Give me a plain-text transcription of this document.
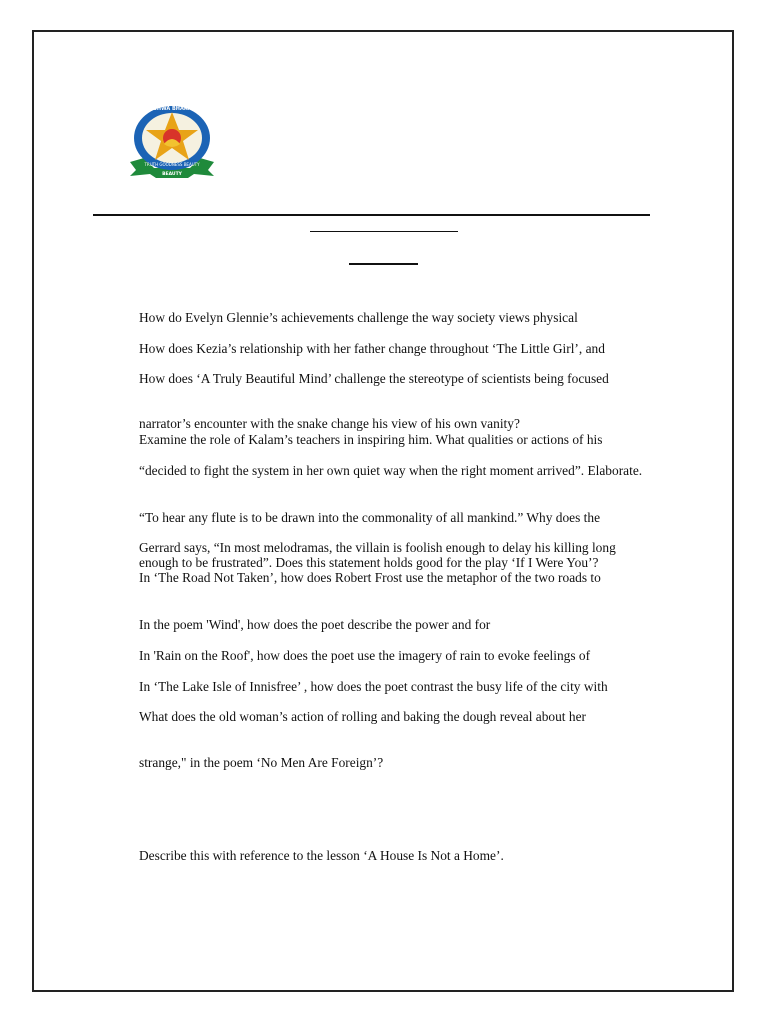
VISHWA BHARATI
TRUTH GOODNESS BEAUTY
BEAUTY

How do Evelyn Glennie’s achievements challenge the way society views physical

How does Kezia’s relationship with her father change throughout ‘The Little Girl’, and

How does ‘A Truly Beautiful Mind’ challenge the stereotype of scientists being focused

narrator’s encounter with the snake change his view of his own vanity?

Examine the role of Kalam’s teachers in inspiring him. What qualities or actions of his

“decided to fight the system in her own quiet way when the right moment arrived”. Elaborate.

“To hear any flute is to be drawn into the commonality of all mankind.” Why does the

Gerrard says, “In most melodramas, the villain is foolish enough to delay his killing long

enough to be frustrated”. Does this statement holds good for the play ‘If I Were You’?

In ‘The Road Not Taken’, how does Robert Frost use the metaphor of the two roads to

In the poem 'Wind', how does the poet describe the power and for

In 'Rain on the Roof', how does the poet use the imagery of rain to evoke feelings of

In ‘The Lake Isle of Innisfree’ , how does the poet contrast the busy life of the city with

What does the old woman’s action of rolling and baking the dough reveal about her

strange," in the poem ‘No Men Are Foreign’?

Describe this with reference to the lesson ‘A House Is Not a Home’.
